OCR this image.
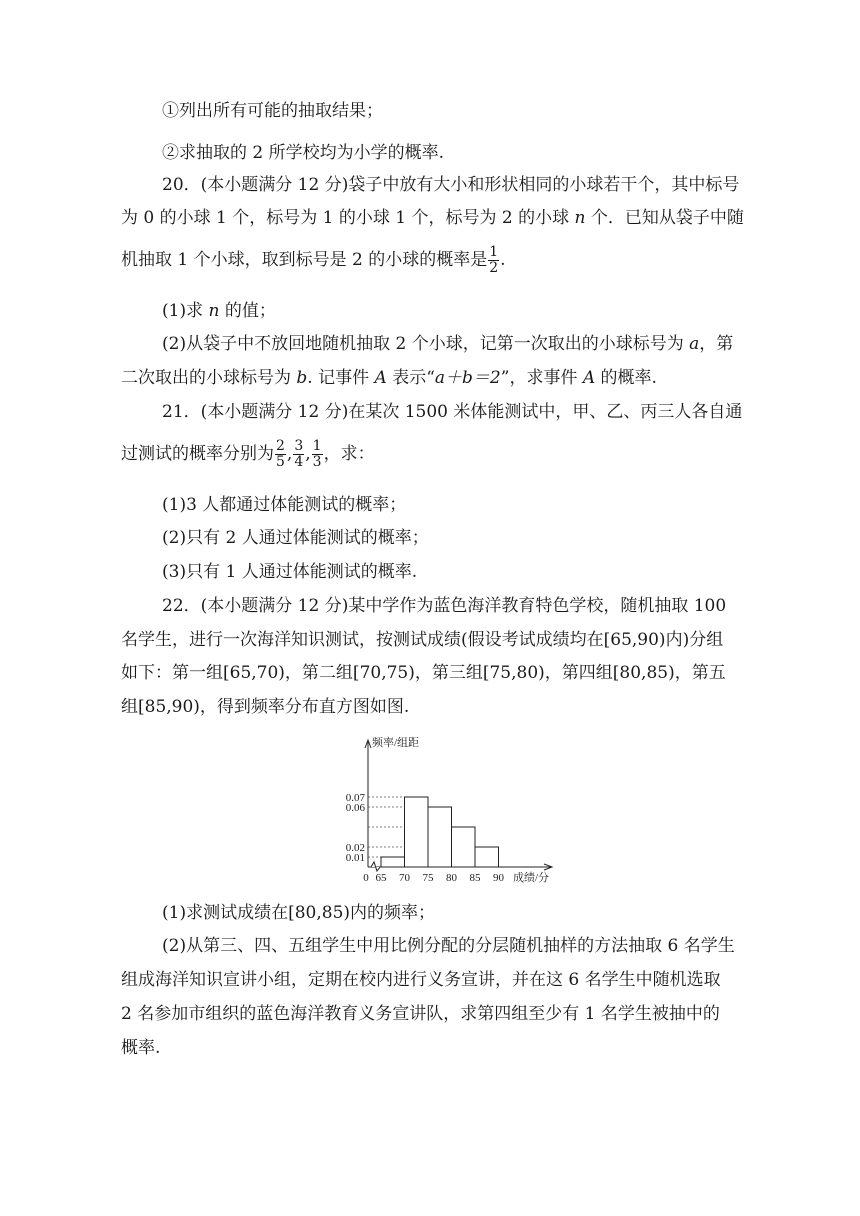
①列出所有可能的抽取结果；
②求抽取的 2 所学校均为小学的概率.
20．(本小题满分 12 分)袋子中放有大小和形状相同的小球若干个，其中标号
为 0 的小球 1 个，标号为 1 的小球 1 个，标号为 2 的小球 n 个．已知从袋子中随
机抽取 1 个小球，取到标号是 2 的小球的概率是 $\frac{1}{2}$ .
(1)求 n 的值；
(2)从袋子中不放回地随机抽取 2 个小球，记第一次取出的小球标号为 a，第
二次取出的小球标号为 b. 记事件 A 表示“a＋b＝2”，求事件 A 的概率.
21．(本小题满分 12 分)在某次 1500 米体能测试中，甲、乙、丙三人各自通
过测试的概率分别为 $\frac{2}{5}$ , $\frac{3}{4}$ , $\frac{1}{3}$ ，求：
(1)3 人都通过体能测试的概率；
(2)只有 2 人通过体能测试的概率；
(3)只有 1 人通过体能测试的概率.
22．(本小题满分 12 分)某中学作为蓝色海洋教育特色学校，随机抽取 100
名学生，进行一次海洋知识测试，按测试成绩(假设考试成绩均在[65,90)内)分组
如下：第一组[65,70)，第二组[70,75)，第三组[75,80)，第四组[80,85)，第五
组[85,90)，得到频率分布直方图如图.
0.01
0.02
0.06
0.07
0 65 70 75 80 85 90
频率/组距
成绩/分
(1)求测试成绩在[80,85)内的频率；
(2)从第三、四、五组学生中用比例分配的分层随机抽样的方法抽取 6 名学生
组成海洋知识宣讲小组，定期在校内进行义务宣讲，并在这 6 名学生中随机选取
2 名参加市组织的蓝色海洋教育义务宣讲队，求第四组至少有 1 名学生被抽中的
概率.
